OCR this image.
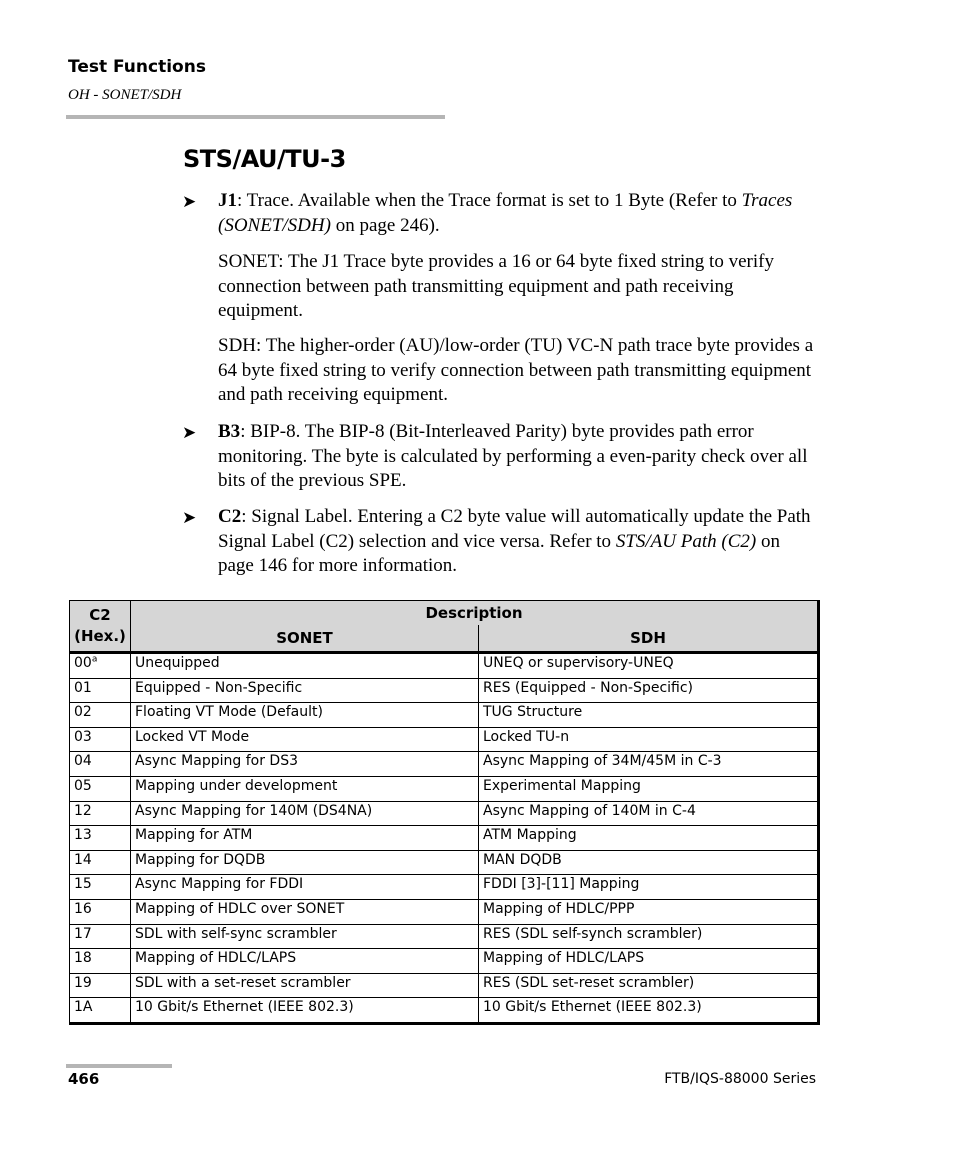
Test Functions
OH - SONET/SDH
STS/AU/TU-3
➤ J1: Trace. Available when the Trace format is set to 1 Byte (Refer to Traces (SONET/SDH) on page 246).

SONET: The J1 Trace byte provides a 16 or 64 byte fixed string to verify connection between path transmitting equipment and path receiving equipment.

SDH: The higher-order (AU)/low-order (TU) VC-N path trace byte provides a 64 byte fixed string to verify connection between path transmitting equipment and path receiving equipment.

➤ B3: BIP-8. The BIP-8 (Bit-Interleaved Parity) byte provides path error monitoring. The byte is calculated by performing a even-parity check over all bits of the previous SPE.

➤ C2: Signal Label. Entering a C2 byte value will automatically update the Path Signal Label (C2) selection and vice versa. Refer to STS/AU Path (C2) on page 146 for more information.

C2
(Hex.)	Description	
	SONET	SDH
00$^a$	Unequipped	UNEQ or supervisory-UNEQ
01	Equipped - Non-Specific	RES (Equipped - Non-Specific)
02	Floating VT Mode (Default)	TUG Structure
03	Locked VT Mode	Locked TU-n
04	Async Mapping for DS3	Async Mapping of 34M/45M in C-3
05	Mapping under development	Experimental Mapping
12	Async Mapping for 140M (DS4NA)	Async Mapping of 140M in C-4
13	Mapping for ATM	ATM Mapping
14	Mapping for DQDB	MAN DQDB
15	Async Mapping for FDDI	FDDI [3]-[11] Mapping
16	Mapping of HDLC over SONET	Mapping of HDLC/PPP
17	SDL with self-sync scrambler	RES (SDL self-synch scrambler)
18	Mapping of HDLC/LAPS	Mapping of HDLC/LAPS
19	SDL with a set-reset scrambler	RES (SDL set-reset scrambler)
1A	10 Gbit/s Ethernet (IEEE 802.3)	10 Gbit/s Ethernet (IEEE 802.3)
466	FTB/IQS-88000 Series
